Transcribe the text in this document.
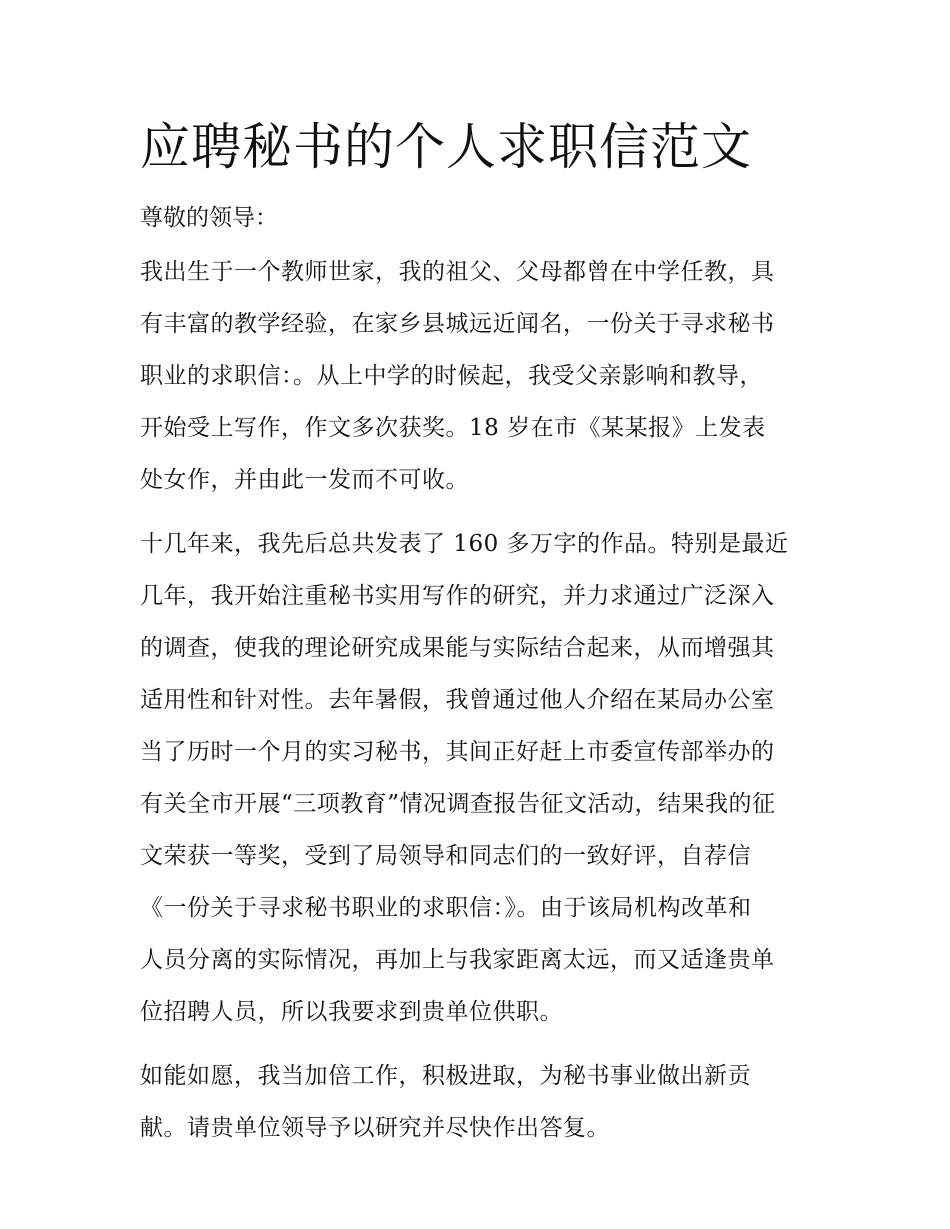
应聘秘书的个人求职信范文

尊敬的领导：

我出生于一个教师世家，我的祖父、父母都曾在中学任教，具
有丰富的教学经验，在家乡县城远近闻名，一份关于寻求秘书
职业的求职信：。从上中学的时候起，我受父亲影响和教导，
开始受上写作，作文多次获奖。18 岁在市《某某报》上发表
处女作，并由此一发而不可收。
十几年来，我先后总共发表了 160 多万字的作品。特别是最近
几年，我开始注重秘书实用写作的研究，并力求通过广泛深入
的调查，使我的理论研究成果能与实际结合起来，从而增强其
适用性和针对性。去年暑假，我曾通过他人介绍在某局办公室
当了历时一个月的实习秘书，其间正好赶上市委宣传部举办的
有关全市开展“三项教育”情况调查报告征文活动，结果我的征
文荣获一等奖，受到了局领导和同志们的一致好评，自荐信
《一份关于寻求秘书职业的求职信：》。由于该局机构改革和
人员分离的实际情况，再加上与我家距离太远，而又适逢贵单
位招聘人员，所以我要求到贵单位供职。
如能如愿，我当加倍工作，积极进取，为秘书事业做出新贡
献。请贵单位领导予以研究并尽快作出答复。
